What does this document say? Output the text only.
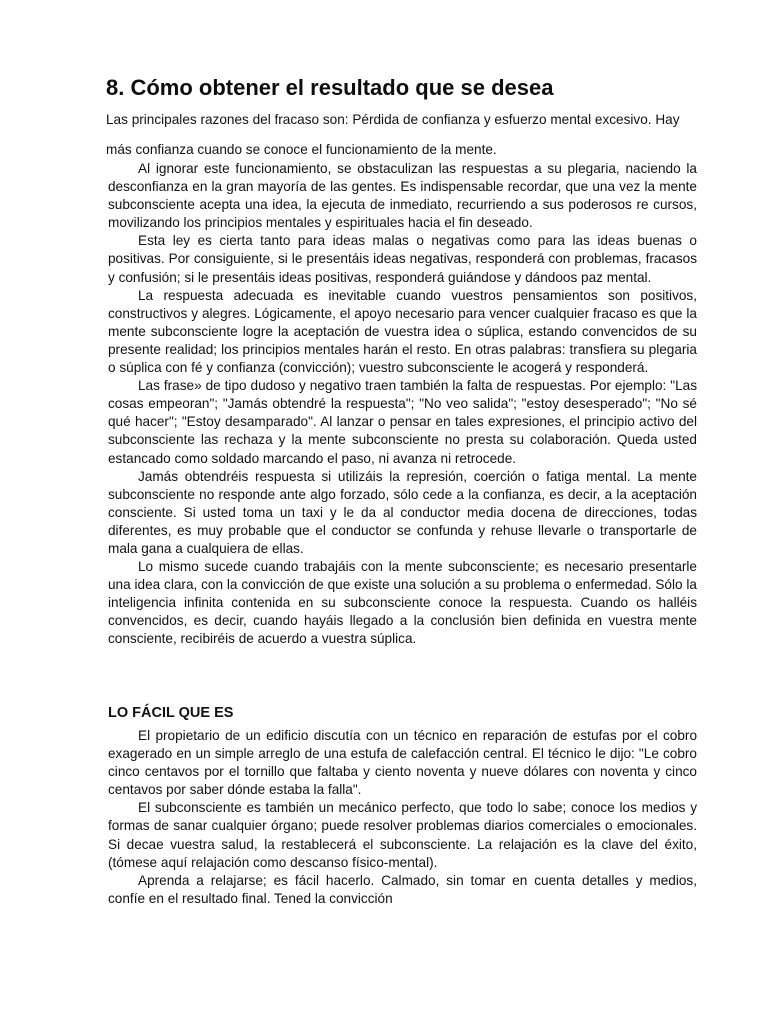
8. Cómo obtener el resultado que se desea

Las principales razones del fracaso son: Pérdida de confianza y esfuerzo mental excesivo. Hay

más confianza cuando se conoce el funcionamiento de la mente.

Al ignorar este funcionamiento, se obstaculizan las respuestas a su plegaria, naciendo la desconfianza en la gran mayoría de las gentes. Es indispensable recordar, que una vez la mente subconsciente acepta una idea, la ejecuta de inmediato, recurriendo a sus poderosos re cursos, movilizando los principios mentales y espirituales hacia el fin deseado.

Esta ley es cierta tanto para ideas malas o negativas como para las ideas buenas o positivas. Por consiguiente, si le presentáis ideas negativas, responderá con problemas, fracasos y confusión; si le presentáis ideas positivas, responderá guiándose y dándoos paz mental.

La respuesta adecuada es inevitable cuando vuestros pensamientos son positivos, constructivos y alegres. Lógicamente, el apoyo necesario para vencer cualquier fracaso es que la mente subconsciente logre la aceptación de vuestra idea o súplica, estando convencidos de su presente realidad; los principios mentales harán el resto. En otras palabras: transfiera su plegaria o súplica con fé y confianza (convicción); vuestro subconsciente le acogerá y responderá.

Las frase» de tipo dudoso y negativo traen también la falta de respuestas. Por ejemplo: "Las cosas empeoran"; "Jamás obtendré la respuesta"; "No veo salida"; "estoy desesperado"; "No sé qué hacer"; "Estoy desamparado". Al lanzar o pensar en tales expresiones, el principio activo del subconsciente las rechaza y la mente subconsciente no presta su colaboración. Queda usted estancado como soldado marcando el paso, ni avanza ni retrocede.

Jamás obtendréis respuesta si utilizáis la represión, coerción o fatiga mental. La mente subconsciente no responde ante algo forzado, sólo cede a la confianza, es decir, a la aceptación consciente. Si usted toma un taxi y le da al conductor media docena de direcciones, todas diferentes, es muy probable que el conductor se confunda y rehuse llevarle o transportarle de mala gana a cualquiera de ellas.

Lo mismo sucede cuando trabajáis con la mente subconsciente; es necesario presentarle una idea clara, con la convicción de que existe una solución a su problema o enfermedad. Sólo la inteligencia infinita contenida en su subconsciente conoce la respuesta. Cuando os halléis convencidos, es decir, cuando hayáis llegado a la conclusión bien definida en vuestra mente consciente, recibiréis de acuerdo a vuestra súplica.

LO FÁCIL QUE ES

El propietario de un edificio discutía con un técnico en reparación de estufas por el cobro exagerado en un simple arreglo de una estufa de calefacción central. El técnico le dijo: "Le cobro cinco centavos por el tornillo que faltaba y ciento noventa y nueve dólares con noventa y cinco centavos por saber dónde estaba la falla".

El subconsciente es también un mecánico perfecto, que todo lo sabe; conoce los medios y formas de sanar cualquier órgano; puede resolver problemas diarios comerciales o emocionales. Si decae vuestra salud, la restablecerá el subconsciente. La relajación es la clave del éxito, (tómese aquí relajación como descanso físico-mental).

Aprenda a relajarse; es fácil hacerlo. Calmado, sin tomar en cuenta detalles y medios, confíe en el resultado final. Tened la convicción
